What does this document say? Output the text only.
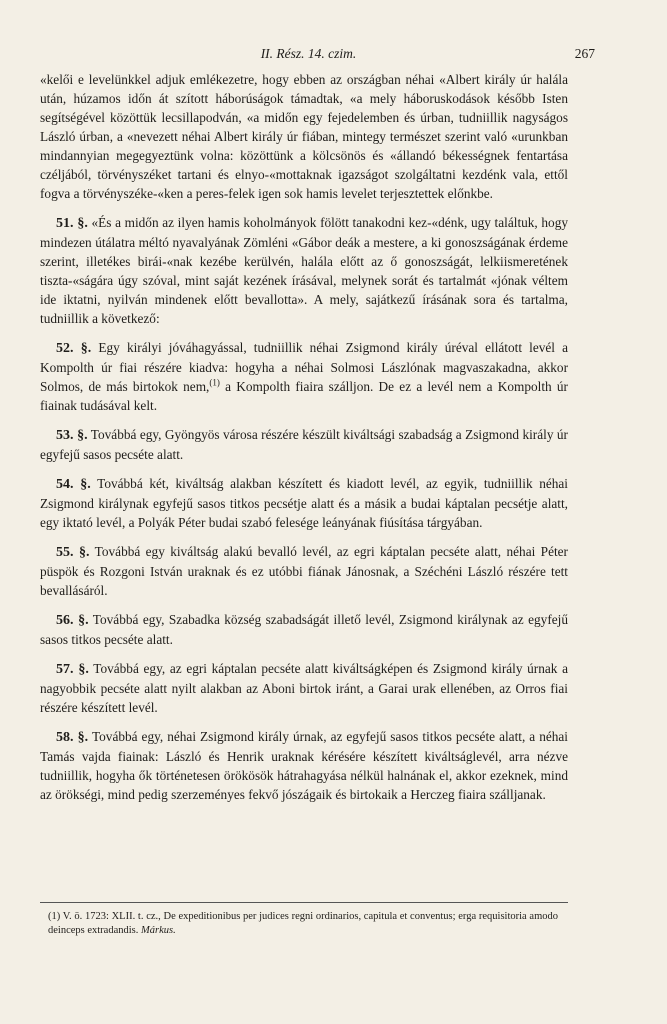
II. Rész. 14. czim.	267

«kelői e levelünkkel adjuk emlékezetre, hogy ebben az országban néhai «Albert király úr halála után, húzamos időn át szított háborúságok támadtak, «a mely háboruskodások később Isten segítségével közöttük lecsillapodván, «a midőn egy fejedelemben és úrban, tudniillik nagyságos László úrban, a «nevezett néhai Albert király úr fiában, mintegy természet szerint való «urunkban mindannyian megegyeztünk volna: közöttünk a kölcsönös és «állandó békességnek fentartása czéljából, törvényszéket tartani és elnyo-«mottaknak igazságot szolgáltatni kezdénk vala, ettől fogva a törvényszéke-«ken a peres-felek igen sok hamis levelet terjesztettek előnkbe.

51. §. «És a midőn az ilyen hamis koholmányok fölött tanakodni kez-«dénk, ugy találtuk, hogy mindezen útálatra méltó nyavalyának Zömléni «Gábor deák a mestere, a ki gonoszságának érdeme szerint, illetékes birái-«nak kezébe kerülvén, halála előtt az ő gonoszságát, lelkiismeretének tiszta-«ságára úgy szóval, mint saját kezének írásával, melynek sorát és tartalmát «jónak véltem ide iktatni, nyilván mindenek előtt bevallotta». A mely, sajátkezű írásának sora és tartalma, tudniillik a következő:

52. §. Egy királyi jóváhagyással, tudniillik néhai Zsigmond király úréval ellátott levél a Kompolth úr fiai részére kiadva: hogyha a néhai Solmosi Lászlónak magvaszakadna, akkor Solmos, de más birtokok nem,$^{(1)}$ a Kompolth fiaira szálljon. De ez a levél nem a Kompolth úr fiainak tudásával kelt.

53. §. Továbbá egy, Gyöngyös városa részére készült kiváltsági szabadság a Zsigmond király úr egyfejű sasos pecséte alatt.

54. §. Továbbá két, kiváltság alakban készített és kiadott levél, az egyik, tudniillik néhai Zsigmond királynak egyfejű sasos titkos pecsétje alatt és a másik a budai káptalan pecsétje alatt, egy iktató levél, a Polyák Péter budai szabó felesége leányának fiúsítása tárgyában.

55. §. Továbbá egy kiváltság alakú bevalló levél, az egri káptalan pecséte alatt, néhai Péter püspök és Rozgoni István uraknak és ez utóbbi fiának Jánosnak, a Széchéni László részére tett bevallásáról.

56. §. Továbbá egy, Szabadka község szabadságát illető levél, Zsigmond királynak az egyfejű sasos titkos pecséte alatt.

57. §. Továbbá egy, az egri káptalan pecséte alatt kiváltságképen és Zsigmond király úrnak a nagyobbik pecséte alatt nyilt alakban az Aboni birtok iránt, a Garai urak ellenében, az Orros fiai részére készített levél.

58. §. Továbbá egy, néhai Zsigmond király úrnak, az egyfejű sasos titkos pecséte alatt, a néhai Tamás vajda fiainak: László és Henrik uraknak kérésére készített kiváltságlevél, arra nézve tudniillik, hogyha ők történetesen örökösök hátrahagyása nélkül halnának el, akkor ezeknek, mind az örökségi, mind pedig szerzeményes fekvő jószágaik és birtokaik a Herczeg fiaira szálljanak.

(1) V. ö. 1723: XLII. t. cz., De expeditionibus per judices regni ordinarios, capitula et conventus; erga requisitoria amodo deinceps extradandis. Márkus.
